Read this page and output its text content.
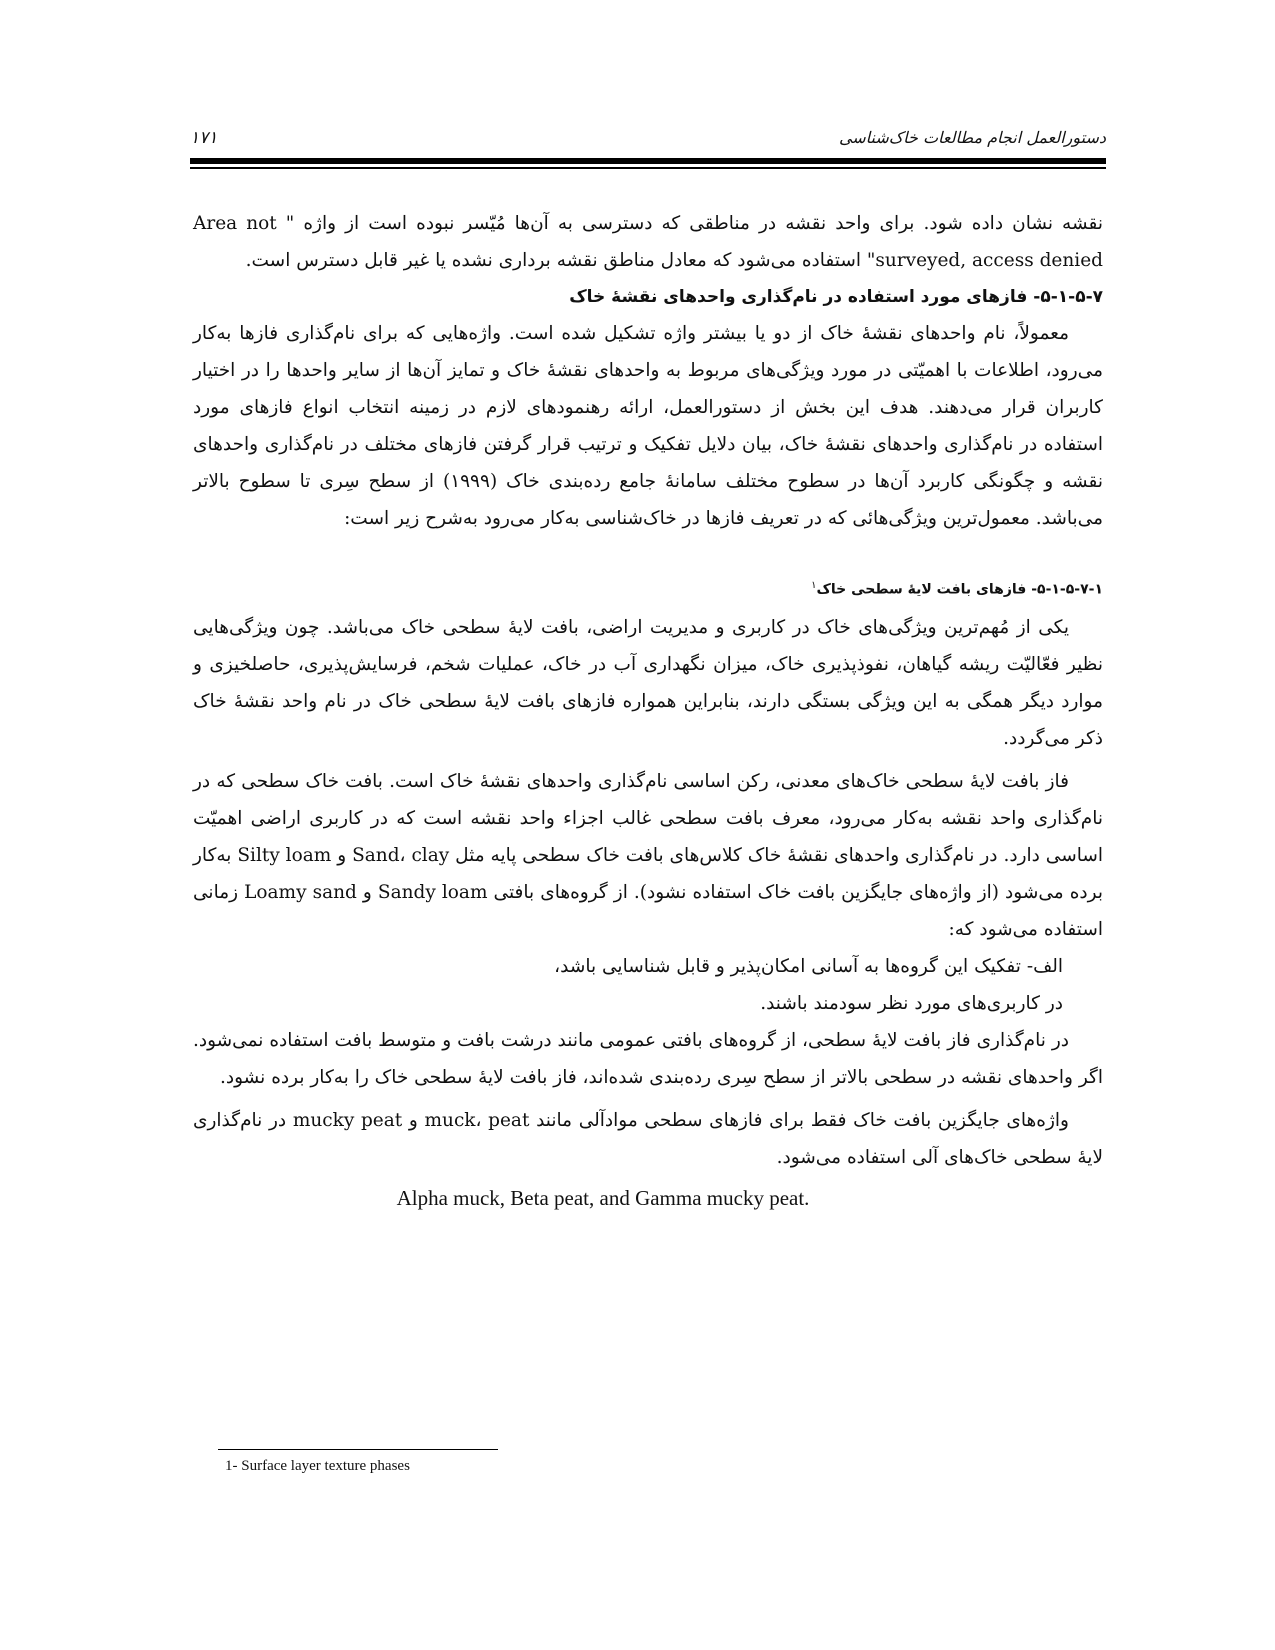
۱۷۱	دستورالعمل انجام مطالعات خاک‌شناسی

نقشه نشان داده شود. برای واحد نقشه در مناطقی که دسترسی به آن‌ها مُیّسر نبوده است از واژه " Area not surveyed, access denied" استفاده می‌شود که معادل مناطق نقشه برداری نشده یا غیر قابل دسترس است.

۵-۱-۵-۷- فازهای مورد استفاده در نام‌گذاری واحدهای نقشهٔ خاک

معمولاً، نام واحدهای نقشهٔ خاک از دو یا بیشتر واژه تشکیل شده است. واژه‌هایی که برای نام‌گذاری فازها به‌کار می‌رود، اطلاعات با اهمیّتی در مورد ویژگی‌های مربوط به واحدهای نقشهٔ خاک و تمایز آن‌ها از سایر واحدها را در اختیار کاربران قرار می‌دهند. هدف این بخش از دستورالعمل، ارائه رهنمودهای لازم در زمینه انتخاب انواع فازهای مورد استفاده در نام‌گذاری واحدهای نقشهٔ خاک، بیان دلایل تفکیک و ترتیب قرار گرفتن فازهای مختلف در نام‌گذاری واحدهای نقشه و چگونگی کاربرد آن‌ها در سطوح مختلف سامانهٔ جامع رده‌بندی خاک (۱۹۹۹) از سطح سِری تا سطوح بالاتر می‌باشد. معمول‌ترین ویژگی‌هائی که در تعریف فازها در خاک‌شناسی به‌کار می‌رود به‌شرح زیر است:

۵-۱-۵-۷-۱- فازهای بافت لایهٔ سطحی خاک$^۱$

یکی از مُهم‌ترین ویژگی‌های خاک در کاربری و مدیریت اراضی، بافت لایهٔ سطحی خاک می‌باشد. چون ویژگی‌هایی نظیر فعّالیّت ریشه گیاهان، نفوذپذیری خاک، میزان نگهداری آب در خاک، عملیات شخم، فرسایش‌پذیری، حاصلخیزی و موارد دیگر همگی به این ویژگی بستگی دارند، بنابراین همواره فازهای بافت لایهٔ سطحی خاک در نام واحد نقشهٔ خاک ذکر می‌گردد.

فاز بافت لایهٔ سطحی خاک‌های معدنی، رکن اساسی نام‌گذاری واحدهای نقشهٔ خاک است. بافت خاک سطحی که در نام‌گذاری واحد نقشه به‌کار می‌رود، معرف بافت سطحی غالب اجزاء واحد نقشه است که در کاربری اراضی اهمیّت اساسی دارد. در نام‌گذاری واحدهای نقشهٔ خاک کلاس‌های بافت خاک سطحی پایه مثل Sand، clay و Silty loam به‌کار برده می‌شود (از واژه‌های جایگزین بافت خاک استفاده نشود). از گروه‌های بافتی Sandy loam و Loamy sand زمانی استفاده می‌شود که:

الف- تفکیک این گروه‌ها به آسانی امکان‌پذیر و قابل شناسایی باشد،

در کاربری‌های مورد نظر سودمند باشند.

در نام‌گذاری فاز بافت لایهٔ سطحی، از گروه‌های بافتی عمومی مانند درشت بافت و متوسط بافت استفاده نمی‌شود. اگر واحدهای نقشه در سطحی بالاتر از سطح سِری رده‌بندی شده‌اند، فاز بافت لایهٔ سطحی خاک را به‌کار برده نشود.

واژه‌های جایگزین بافت خاک فقط برای فازهای سطحی موادآلی مانند muck، peat و mucky peat در نام‌گذاری لایهٔ سطحی خاک‌های آلی استفاده می‌شود.

Alpha muck, Beta peat, and Gamma mucky peat.

1- Surface layer texture phases
